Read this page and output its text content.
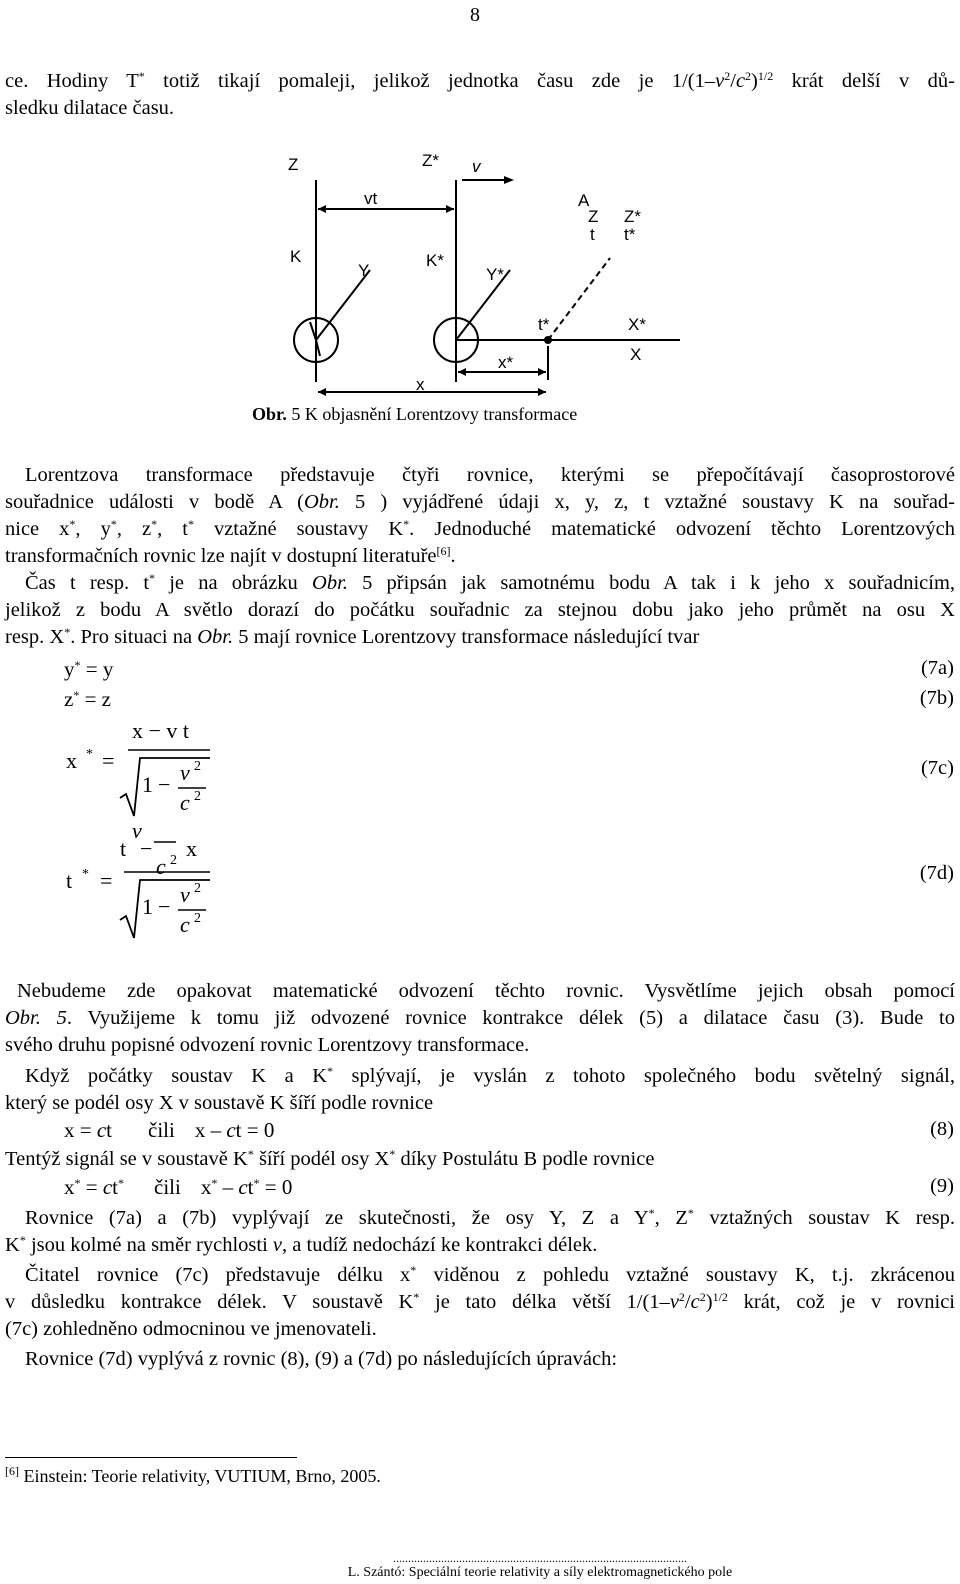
8
ce. Hodiny T* totiž tikají pomaleji, jelikož jednotka času zde je $1/(1-v^2/c^2)^{1/2}$ krát delší v dů-
sledku dilatace času.
Z	Z* v
vt	A
Z Z*
t t*
K
Y
K*
Y*
t*	X*
X
x*
x
Obr. 5 K objasnění Lorentzovy transformace
Lorentzova transformace představuje čtyři rovnice, kterými se přepočítávají časoprostorové
souřadnice události v bodě A (Obr. 5 ) vyjádřené údaji x, y, z, t vztažné soustavy K na souřad-
nice x*, y*, z*, t* vztažné soustavy K*. Jednoduché matematické odvození těchto Lorentzových
transformačních rovnic lze najít v dostupní literatuře[6].
Čas t resp. t* je na obrázku Obr. 5 připsán jak samotnému bodu A tak i k jeho x souřadnicím,
jelikož z bodu A světlo dorazí do počátku souřadnic za stejnou dobu jako jeho průmět na osu X
resp. X*. Pro situaci na Obr. 5 mají rovnice Lorentzovy transformace následující tvar
y* = y	(7a)
z* = z	(7b)
x * =
x − v t
1 − v 2
c 2
(7c)
v
t −
c 2 x
t * =
1 − v 2
c 2
(7d)
Nebudeme zde opakovat matematické odvození těchto rovnic. Vysvětlíme jejich obsah pomocí
Obr. 5. Využijeme k tomu již odvozené rovnice kontrakce délek (5) a dilatace času (3). Bude to
svého druhu popisné odvození rovnic Lorentzovy transformace.
Když počátky soustav K a K* splývají, je vyslán z tohoto společného bodu světelný signál,
který se podél osy X v soustavě K šíří podle rovnice
x = ct čili x – ct = 0	(8)
Tentýž signál se v soustavě K* šíří podél osy X* díky Postulátu B podle rovnice
x* = ct* čili x* – ct* = 0	(9)
Rovnice (7a) a (7b) vyplývají ze skutečnosti, že osy Y, Z a Y*, Z* vztažných soustav K resp.
K* jsou kolmé na směr rychlosti v, a tudíž nedochází ke kontrakci délek.
Čitatel rovnice (7c) představuje délku x* viděnou z pohledu vztažné soustavy K, t.j. zkrácenou
v důsledku kontrakce délek. V soustavě K* je tato délka větší $1/(1-v^2/c^2)^{1/2}$ krát, což je v rovnici
(7c) zohledněno odmocninou ve jmenovateli.
Rovnice (7d) vyplývá z rovnic (8), (9) a (7d) po následujících úpravách:
[6] Einstein: Teorie relativity, VUTIUM, Brno, 2005.
..................................................................................................
L. Szántó: Speciální teorie relativity a síly elektromagnetického pole
